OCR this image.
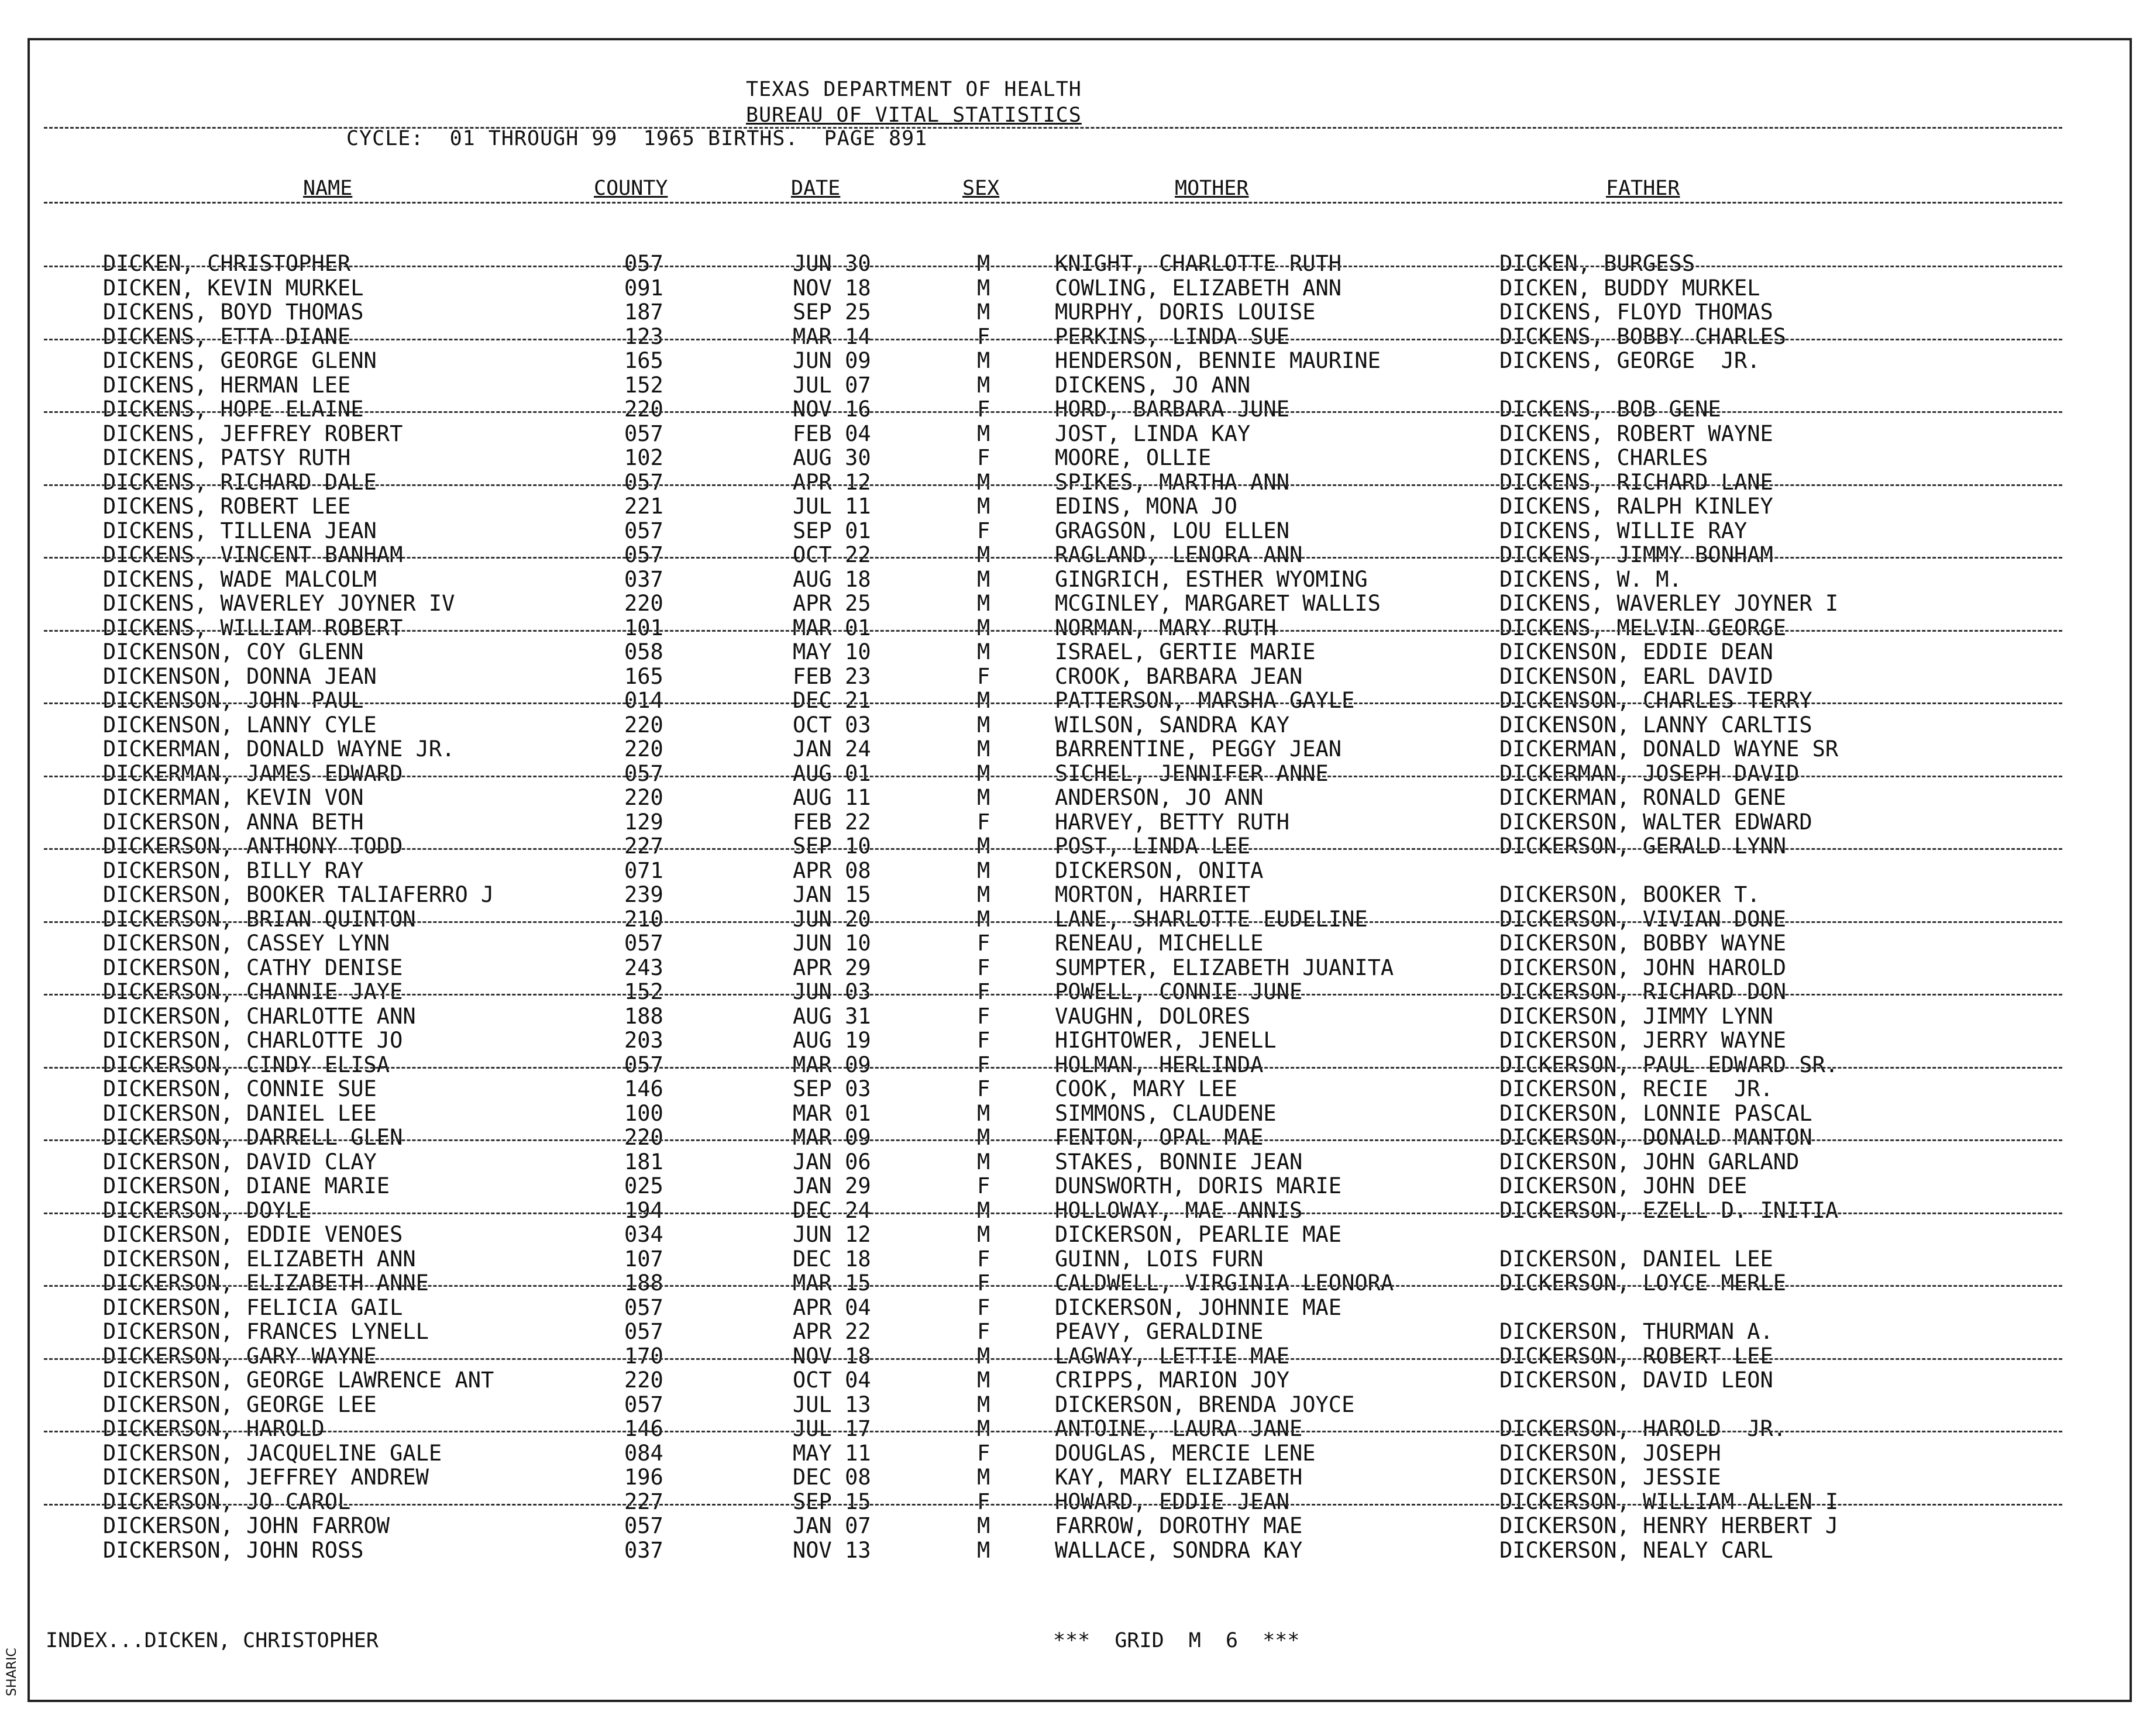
TEXAS DEPARTMENT OF HEALTH
BUREAU OF VITAL STATISTICS
CYCLE:  01 THROUGH 99  1965 BIRTHS.  PAGE 891
NAME	COUNTY	DATE	SEX	MOTHER	FATHER
DICKEN, CHRISTOPHER	057	JUN 30	M	KNIGHT, CHARLOTTE RUTH	DICKEN, BURGESS
DICKEN, KEVIN MURKEL	091	NOV 18	M	COWLING, ELIZABETH ANN	DICKEN, BUDDY MURKEL
DICKENS, BOYD THOMAS	187	SEP 25	M	MURPHY, DORIS LOUISE	DICKENS, FLOYD THOMAS
DICKENS, ETTA DIANE	123	MAR 14	F	PERKINS, LINDA SUE	DICKENS, BOBBY CHARLES
DICKENS, GEORGE GLENN	165	JUN 09	M	HENDERSON, BENNIE MAURINE	DICKENS, GEORGE  JR.
DICKENS, HERMAN LEE	152	JUL 07	M	DICKENS, JO ANN
DICKENS, HOPE ELAINE	220	NOV 16	F	HORD, BARBARA JUNE	DICKENS, BOB GENE
DICKENS, JEFFREY ROBERT	057	FEB 04	M	JOST, LINDA KAY	DICKENS, ROBERT WAYNE
DICKENS, PATSY RUTH	102	AUG 30	F	MOORE, OLLIE	DICKENS, CHARLES
DICKENS, RICHARD DALE	057	APR 12	M	SPIKES, MARTHA ANN	DICKENS, RICHARD LANE
DICKENS, ROBERT LEE	221	JUL 11	M	EDINS, MONA JO	DICKENS, RALPH KINLEY
DICKENS, TILLENA JEAN	057	SEP 01	F	GRAGSON, LOU ELLEN	DICKENS, WILLIE RAY
DICKENS, VINCENT BANHAM	057	OCT 22	M	RAGLAND, LENORA ANN	DICKENS, JIMMY BONHAM
DICKENS, WADE MALCOLM	037	AUG 18	M	GINGRICH, ESTHER WYOMING	DICKENS, W. M.
DICKENS, WAVERLEY JOYNER IV	220	APR 25	M	MCGINLEY, MARGARET WALLIS	DICKENS, WAVERLEY JOYNER I
DICKENS, WILLIAM ROBERT	101	MAR 01	M	NORMAN, MARY RUTH	DICKENS, MELVIN GEORGE
DICKENSON, COY GLENN	058	MAY 10	M	ISRAEL, GERTIE MARIE	DICKENSON, EDDIE DEAN
DICKENSON, DONNA JEAN	165	FEB 23	F	CROOK, BARBARA JEAN	DICKENSON, EARL DAVID
DICKENSON, JOHN PAUL	014	DEC 21	M	PATTERSON, MARSHA GAYLE	DICKENSON, CHARLES TERRY
DICKENSON, LANNY CYLE	220	OCT 03	M	WILSON, SANDRA KAY	DICKENSON, LANNY CARLTIS
DICKERMAN, DONALD WAYNE JR.	220	JAN 24	M	BARRENTINE, PEGGY JEAN	DICKERMAN, DONALD WAYNE SR
DICKERMAN, JAMES EDWARD	057	AUG 01	M	SICHEL, JENNIFER ANNE	DICKERMAN, JOSEPH DAVID
DICKERMAN, KEVIN VON	220	AUG 11	M	ANDERSON, JO ANN	DICKERMAN, RONALD GENE
DICKERSON, ANNA BETH	129	FEB 22	F	HARVEY, BETTY RUTH	DICKERSON, WALTER EDWARD
DICKERSON, ANTHONY TODD	227	SEP 10	M	POST, LINDA LEE	DICKERSON, GERALD LYNN
DICKERSON, BILLY RAY	071	APR 08	M	DICKERSON, ONITA
DICKERSON, BOOKER TALIAFERRO J	239	JAN 15	M	MORTON, HARRIET	DICKERSON, BOOKER T.
DICKERSON, BRIAN QUINTON	210	JUN 20	M	LANE, SHARLOTTE EUDELINE	DICKERSON, VIVIAN DONE
DICKERSON, CASSEY LYNN	057	JUN 10	F	RENEAU, MICHELLE	DICKERSON, BOBBY WAYNE
DICKERSON, CATHY DENISE	243	APR 29	F	SUMPTER, ELIZABETH JUANITA	DICKERSON, JOHN HAROLD
DICKERSON, CHANNIE JAYE	152	JUN 03	F	POWELL, CONNIE JUNE	DICKERSON, RICHARD DON
DICKERSON, CHARLOTTE ANN	188	AUG 31	F	VAUGHN, DOLORES	DICKERSON, JIMMY LYNN
DICKERSON, CHARLOTTE JO	203	AUG 19	F	HIGHTOWER, JENELL	DICKERSON, JERRY WAYNE
DICKERSON, CINDY ELISA	057	MAR 09	F	HOLMAN, HERLINDA	DICKERSON, PAUL EDWARD SR.
DICKERSON, CONNIE SUE	146	SEP 03	F	COOK, MARY LEE	DICKERSON, RECIE  JR.
DICKERSON, DANIEL LEE	100	MAR 01	M	SIMMONS, CLAUDENE	DICKERSON, LONNIE PASCAL
DICKERSON, DARRELL GLEN	220	MAR 09	M	FENTON, OPAL MAE	DICKERSON, DONALD MANTON
DICKERSON, DAVID CLAY	181	JAN 06	M	STAKES, BONNIE JEAN	DICKERSON, JOHN GARLAND
DICKERSON, DIANE MARIE	025	JAN 29	F	DUNSWORTH, DORIS MARIE	DICKERSON, JOHN DEE
DICKERSON, DOYLE	194	DEC 24	M	HOLLOWAY, MAE ANNIS	DICKERSON, EZELL D. INITIA
DICKERSON, EDDIE VENOES	034	JUN 12	M	DICKERSON, PEARLIE MAE
DICKERSON, ELIZABETH ANN	107	DEC 18	F	GUINN, LOIS FURN	DICKERSON, DANIEL LEE
DICKERSON, ELIZABETH ANNE	188	MAR 15	F	CALDWELL, VIRGINIA LEONORA	DICKERSON, LOYCE MERLE
DICKERSON, FELICIA GAIL	057	APR 04	F	DICKERSON, JOHNNIE MAE
DICKERSON, FRANCES LYNELL	057	APR 22	F	PEAVY, GERALDINE	DICKERSON, THURMAN A.
DICKERSON, GARY WAYNE	170	NOV 18	M	LAGWAY, LETTIE MAE	DICKERSON, ROBERT LEE
DICKERSON, GEORGE LAWRENCE ANT	220	OCT 04	M	CRIPPS, MARION JOY	DICKERSON, DAVID LEON
DICKERSON, GEORGE LEE	057	JUL 13	M	DICKERSON, BRENDA JOYCE
DICKERSON, HAROLD	146	JUL 17	M	ANTOINE, LAURA JANE	DICKERSON, HAROLD  JR.
DICKERSON, JACQUELINE GALE	084	MAY 11	F	DOUGLAS, MERCIE LENE	DICKERSON, JOSEPH
DICKERSON, JEFFREY ANDREW	196	DEC 08	M	KAY, MARY ELIZABETH	DICKERSON, JESSIE
DICKERSON, JO CAROL	227	SEP 15	F	HOWARD, EDDIE JEAN	DICKERSON, WILLIAM ALLEN I
DICKERSON, JOHN FARROW	057	JAN 07	M	FARROW, DOROTHY MAE	DICKERSON, HENRY HERBERT J
DICKERSON, JOHN ROSS	037	NOV 13	M	WALLACE, SONDRA KAY	DICKERSON, NEALY CARL
INDEX...DICKEN, CHRISTOPHER	***  GRID  M  6  ***
SHARIC
